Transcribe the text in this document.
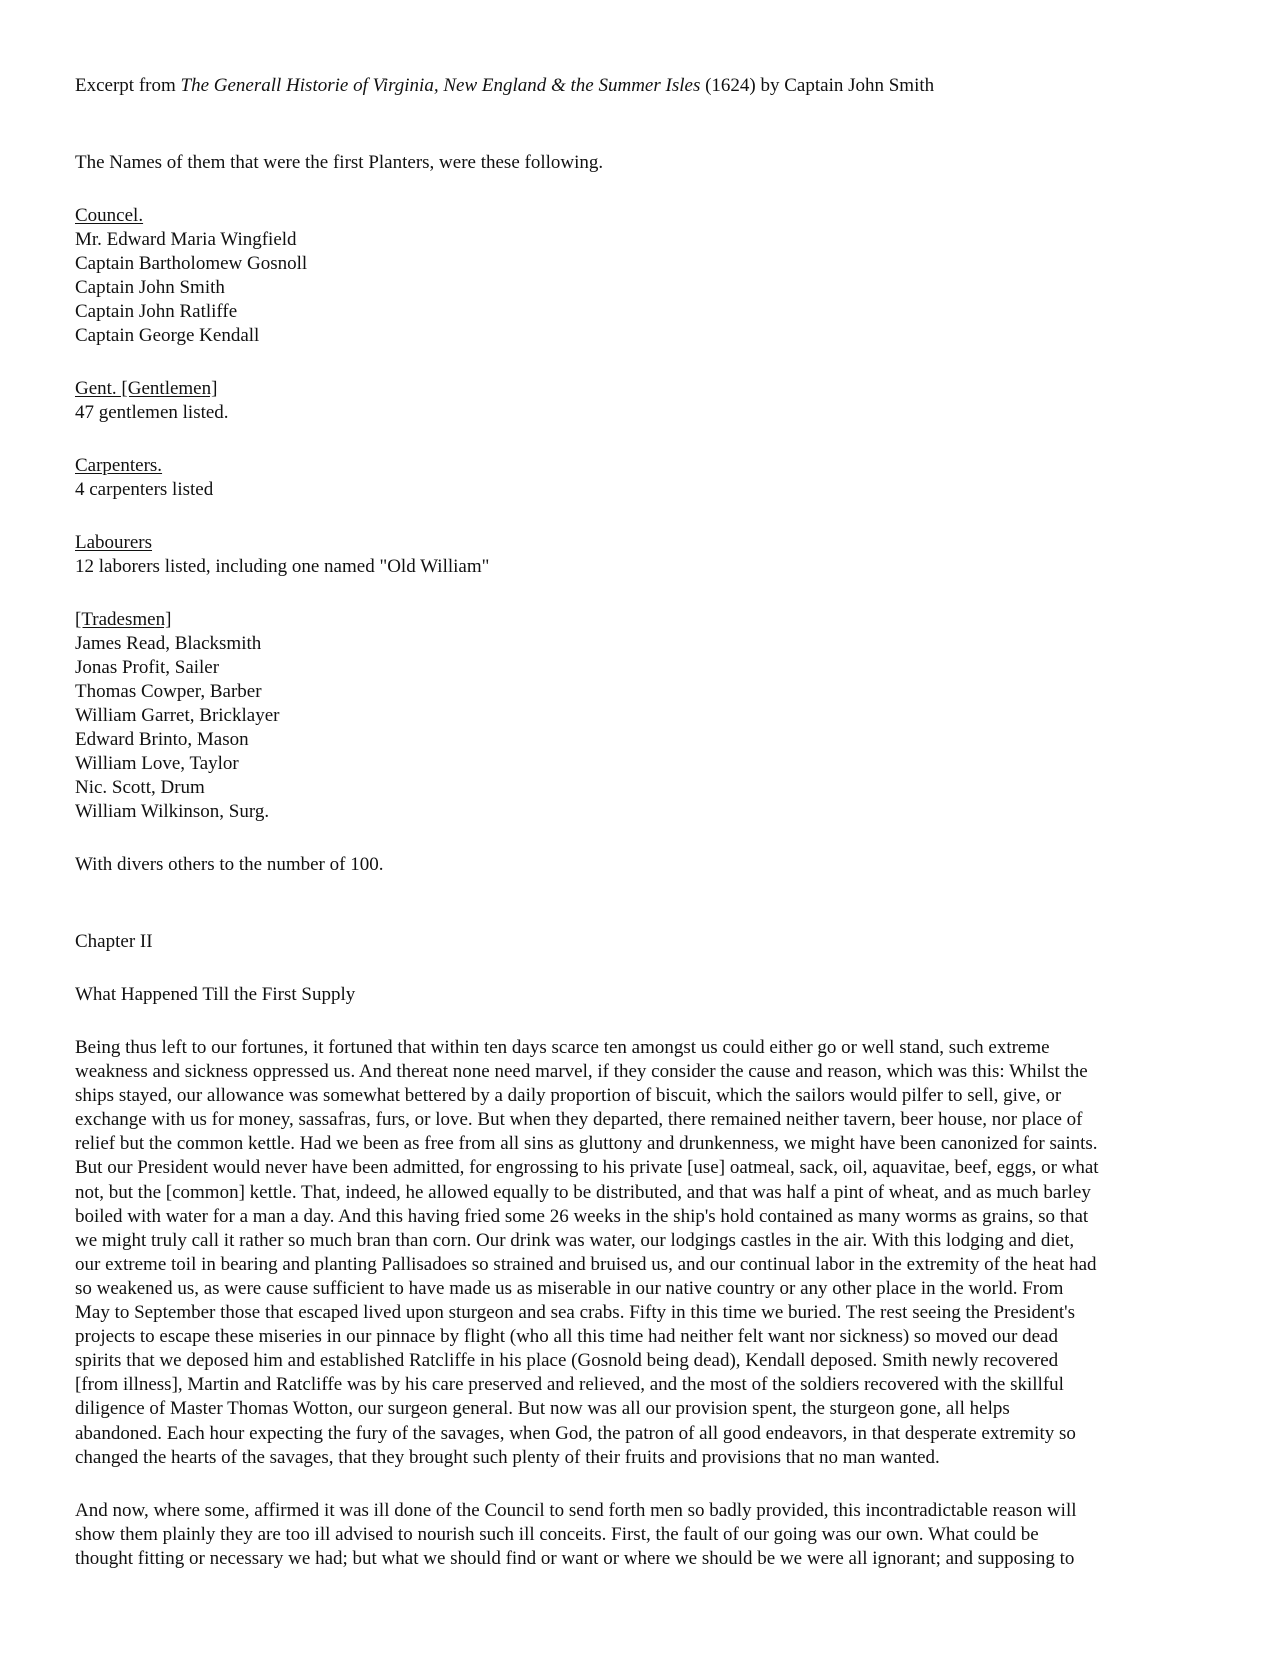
Excerpt from The Generall Historie of Virginia, New England & the Summer Isles (1624) by Captain John Smith
The Names of them that were the first Planters, were these following.
Councel.
Mr. Edward Maria Wingfield
Captain Bartholomew Gosnoll
Captain John Smith
Captain John Ratliffe
Captain George Kendall
Gent. [Gentlemen]
47 gentlemen listed.
Carpenters.
4 carpenters listed
Labourers
12 laborers listed, including one named "Old William"
[Tradesmen]
James Read, Blacksmith
Jonas Profit, Sailer
Thomas Cowper, Barber
William Garret, Bricklayer
Edward Brinto, Mason
William Love, Taylor
Nic. Scott, Drum
William Wilkinson, Surg.
With divers others to the number of 100.
Chapter II
What Happened Till the First Supply
Being thus left to our fortunes, it fortuned that within ten days scarce ten amongst us could either go or well stand, such extreme
weakness and sickness oppressed us. And thereat none need marvel, if they consider the cause and reason, which was this: Whilst the
ships stayed, our allowance was somewhat bettered by a daily proportion of biscuit, which the sailors would pilfer to sell, give, or
exchange with us for money, sassafras, furs, or love. But when they departed, there remained neither tavern, beer house, nor place of
relief but the common kettle. Had we been as free from all sins as gluttony and drunkenness, we might have been canonized for saints.
But our President would never have been admitted, for engrossing to his private [use] oatmeal, sack, oil, aquavitae, beef, eggs, or what
not, but the [common] kettle. That, indeed, he allowed equally to be distributed, and that was half a pint of wheat, and as much barley
boiled with water for a man a day. And this having fried some 26 weeks in the ship's hold contained as many worms as grains, so that
we might truly call it rather so much bran than corn. Our drink was water, our lodgings castles in the air. With this lodging and diet,
our extreme toil in bearing and planting Pallisadoes so strained and bruised us, and our continual labor in the extremity of the heat had
so weakened us, as were cause sufficient to have made us as miserable in our native country or any other place in the world. From
May to September those that escaped lived upon sturgeon and sea crabs. Fifty in this time we buried. The rest seeing the President's
projects to escape these miseries in our pinnace by flight (who all this time had neither felt want nor sickness) so moved our dead
spirits that we deposed him and established Ratcliffe in his place (Gosnold being dead), Kendall deposed. Smith newly recovered
[from illness], Martin and Ratcliffe was by his care preserved and relieved, and the most of the soldiers recovered with the skillful
diligence of Master Thomas Wotton, our surgeon general. But now was all our provision spent, the sturgeon gone, all helps
abandoned. Each hour expecting the fury of the savages, when God, the patron of all good endeavors, in that desperate extremity so
changed the hearts of the savages, that they brought such plenty of their fruits and provisions that no man wanted.
And now, where some, affirmed it was ill done of the Council to send forth men so badly provided, this incontradictable reason will
show them plainly they are too ill advised to nourish such ill conceits. First, the fault of our going was our own. What could be
thought fitting or necessary we had; but what we should find or want or where we should be we were all ignorant; and supposing to
